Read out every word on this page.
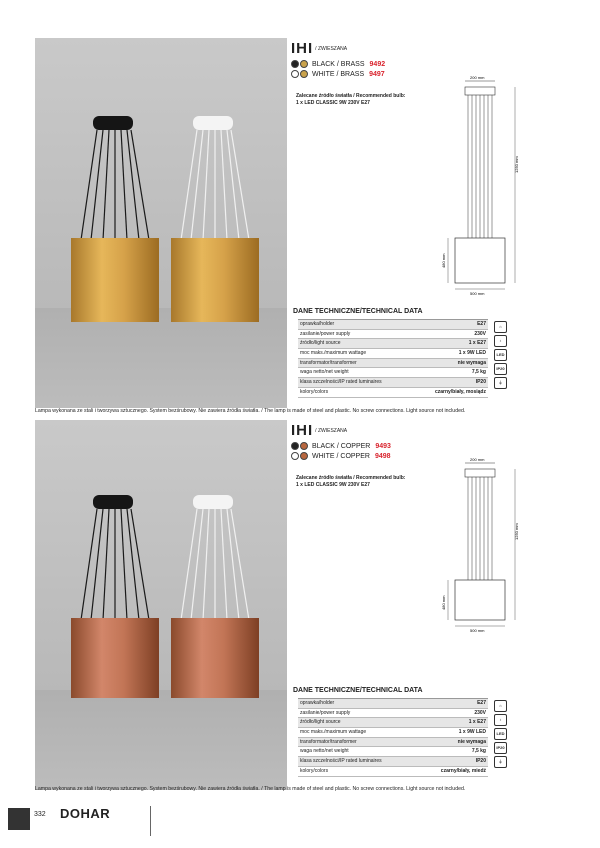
IHI / ZWIESZANA
BLACK / BRASS 9492
WHITE / BRASS 9497
Zalecane źródło światła / Recommended bulb:
1 x LED CLASSIC 9W 230V E27
200 mm
1250 mm
480 mm
500 mm
DANE TECHNICZNE/TECHNICAL DATA
oprawka/holder	E27
zasilanie/power supply	230V
źródło/light source	1 x E27
moc maks./maximum wattage	1 x 9W LED
transformator/transformer	nie wymaga
waga netto/net weight	7,5 kg
klasa szczelności/IP rated luminaires	IP20
kolory/colors	czarny/biały, mosiądz
⌂
♁
LED
IP20
⏚
Lampa wykonana ze stali i tworzywa sztucznego. System bezśrubowy. Nie zawiera źródła światła. / The lamp is made of steel and plastic. No screw connections. Light source not included.
IHI / ZWIESZANA
BLACK / COPPER 9493
WHITE / COPPER 9498
Zalecane źródło światła / Recommended bulb:
1 x LED CLASSIC 9W 230V E27
200 mm
1250 mm
480 mm
500 mm
DANE TECHNICZNE/TECHNICAL DATA
oprawka/holder	E27
zasilanie/power supply	230V
źródło/light source	1 x E27
moc maks./maximum wattage	1 x 9W LED
transformator/transformer	nie wymaga
waga netto/net weight	7,5 kg
klasa szczelności/IP rated luminaires	IP20
kolory/colors	czarny/biały, miedź
⌂
♁
LED
IP20
⏚
Lampa wykonana ze stali i tworzywa sztucznego. System bezśrubowy. Nie zawiera źródła światła. / The lamp is made of steel and plastic. No screw connections. Light source not included.
332 DOHAR
